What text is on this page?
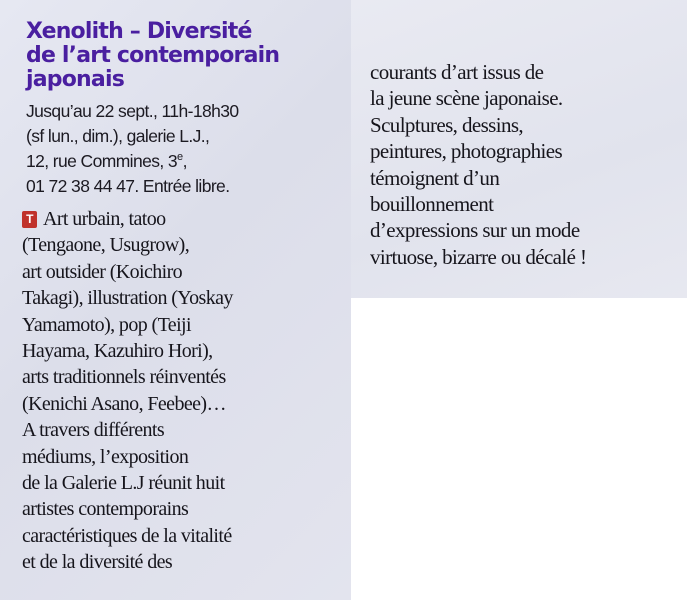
Xenolith – Diversité
de l’art contemporain
japonais

Jusqu’au 22 sept., 11h-18h30
(sf lun., dim.), galerie L.J.,
12, rue Commines, 3e,
01 72 38 44 47. Entrée libre.

T Art urbain, tatoo
(Tengaone, Usugrow),
art outsider (Koichiro
Takagi), illustration (Yoskay
Yamamoto), pop (Teiji
Hayama, Kazuhiro Hori),
arts traditionnels réinventés
(Kenichi Asano, Feebee)…
A travers différents
médiums, l’exposition
de la Galerie L.J réunit huit
artistes contemporains
caractéristiques de la vitalité
et de la diversité des

courants d’art issus de
la jeune scène japonaise.
Sculptures, dessins,
peintures, photographies
témoignent d’un
bouillonnement
d’expressions sur un mode
virtuose, bizarre ou décalé !
